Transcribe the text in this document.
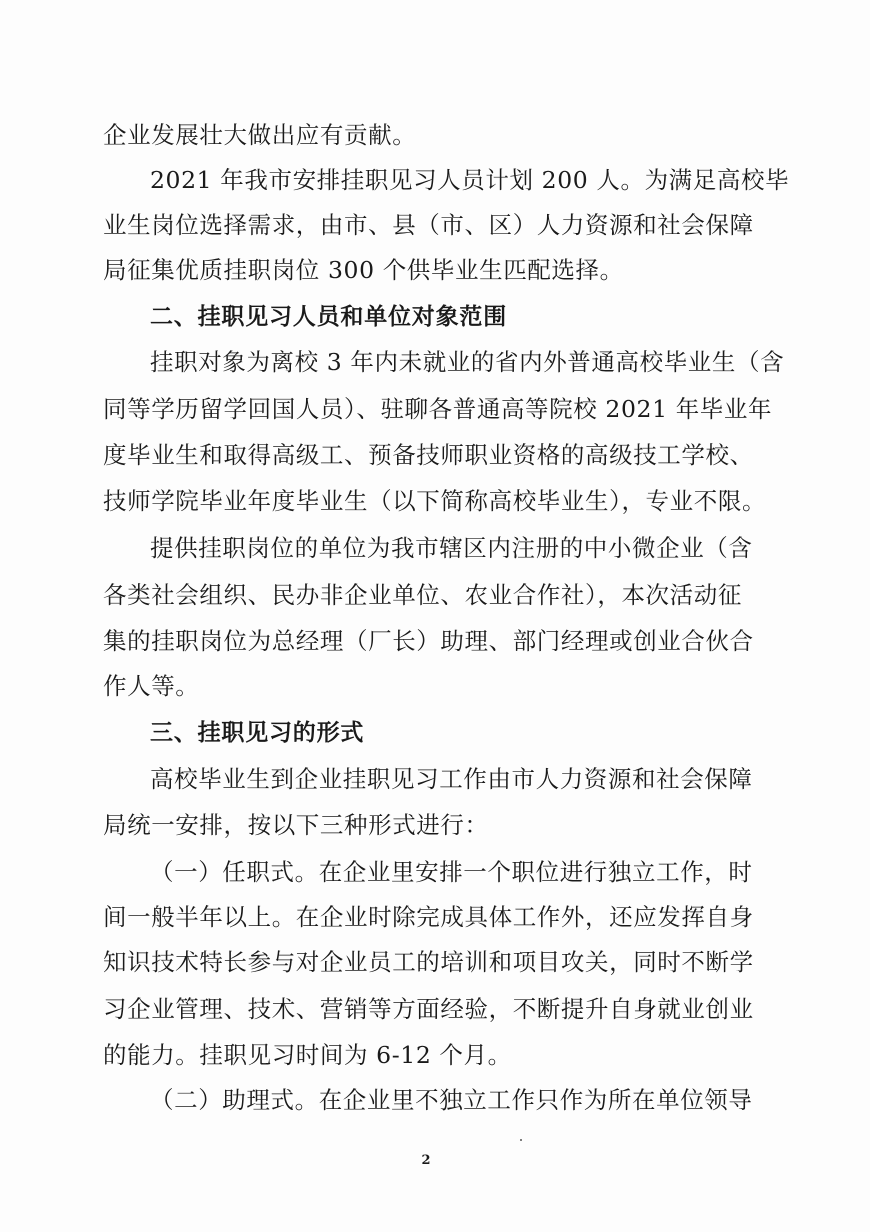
企业发展壮大做出应有贡献。
2021 年我市安排挂职见习人员计划 200 人。为满足高校毕
业生岗位选择需求，由市、县（市、区）人力资源和社会保障
局征集优质挂职岗位 300 个供毕业生匹配选择。
二、挂职见习人员和单位对象范围
挂职对象为离校 3 年内未就业的省内外普通高校毕业生（含
同等学历留学回国人员）、驻聊各普通高等院校 2021 年毕业年
度毕业生和取得高级工、预备技师职业资格的高级技工学校、
技师学院毕业年度毕业生（以下简称高校毕业生），专业不限。
提供挂职岗位的单位为我市辖区内注册的中小微企业（含
各类社会组织、民办非企业单位、农业合作社），本次活动征
集的挂职岗位为总经理（厂长）助理、部门经理或创业合伙合
作人等。
三、挂职见习的形式
高校毕业生到企业挂职见习工作由市人力资源和社会保障
局统一安排，按以下三种形式进行：
（一）任职式。在企业里安排一个职位进行独立工作，时
间一般半年以上。在企业时除完成具体工作外，还应发挥自身
知识技术特长参与对企业员工的培训和项目攻关，同时不断学
习企业管理、技术、营销等方面经验，不断提升自身就业创业
的能力。挂职见习时间为 6-12 个月。
（二）助理式。在企业里不独立工作只作为所在单位领导
2
